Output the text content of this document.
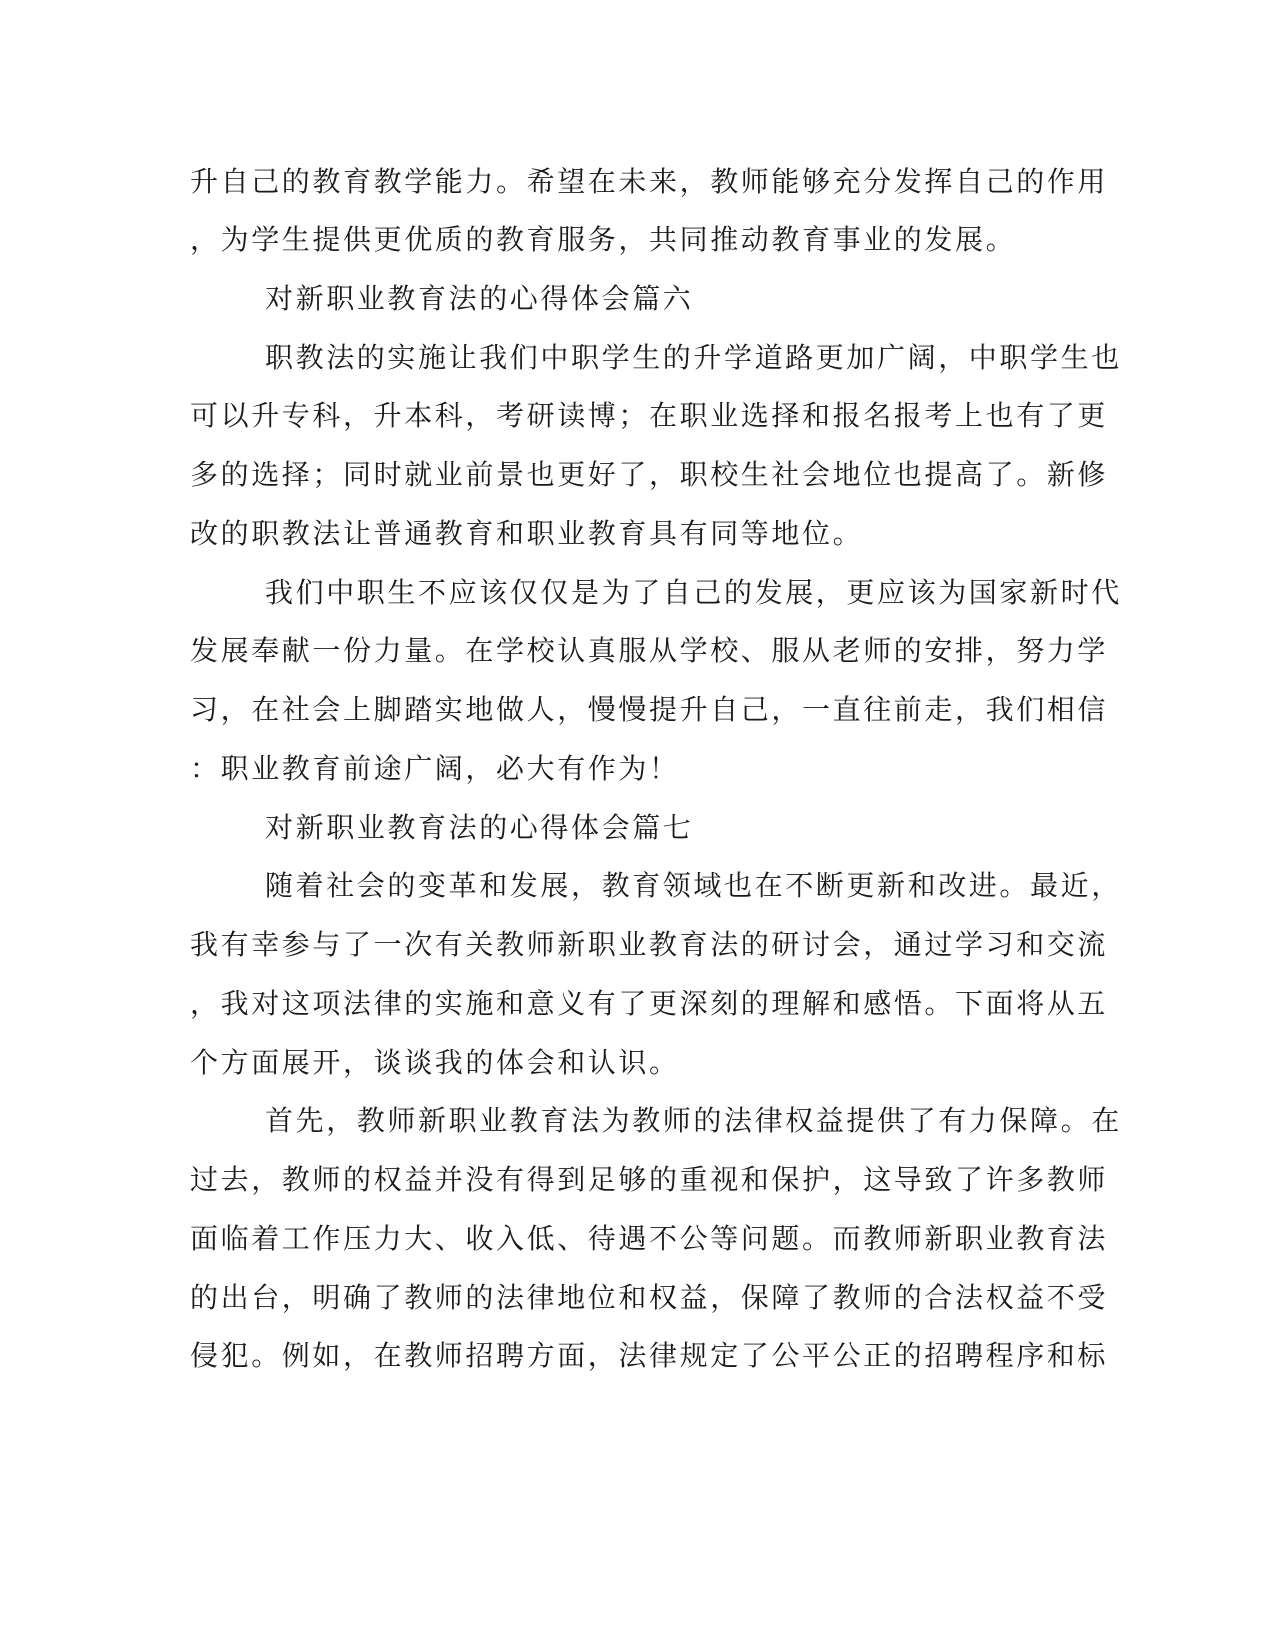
升自己的教育教学能力。希望在未来，教师能够充分发挥自己的作用

，为学生提供更优质的教育服务，共同推动教育事业的发展。

对新职业教育法的心得体会篇六

职教法的实施让我们中职学生的升学道路更加广阔，中职学生也

可以升专科，升本科，考研读博；在职业选择和报名报考上也有了更

多的选择；同时就业前景也更好了，职校生社会地位也提高了。新修

改的职教法让普通教育和职业教育具有同等地位。

我们中职生不应该仅仅是为了自己的发展，更应该为国家新时代

发展奉献一份力量。在学校认真服从学校、服从老师的安排，努力学

习，在社会上脚踏实地做人，慢慢提升自己，一直往前走，我们相信

：职业教育前途广阔，必大有作为！

对新职业教育法的心得体会篇七

随着社会的变革和发展，教育领域也在不断更新和改进。最近，

我有幸参与了一次有关教师新职业教育法的研讨会，通过学习和交流

，我对这项法律的实施和意义有了更深刻的理解和感悟。下面将从五

个方面展开，谈谈我的体会和认识。

首先，教师新职业教育法为教师的法律权益提供了有力保障。在

过去，教师的权益并没有得到足够的重视和保护，这导致了许多教师

面临着工作压力大、收入低、待遇不公等问题。而教师新职业教育法

的出台，明确了教师的法律地位和权益，保障了教师的合法权益不受

侵犯。例如，在教师招聘方面，法律规定了公平公正的招聘程序和标
